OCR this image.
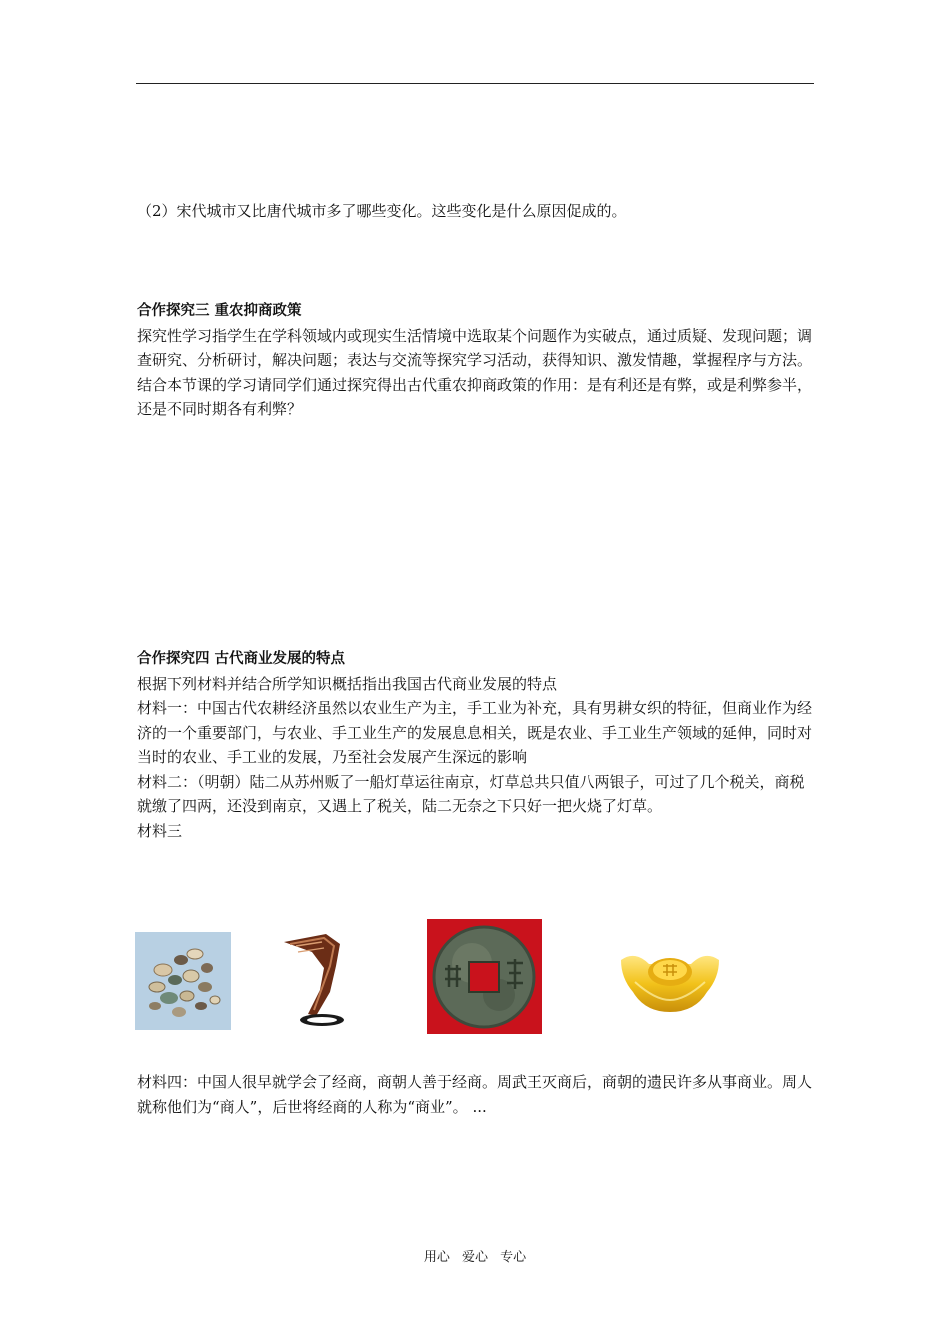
（2）宋代城市又比唐代城市多了哪些变化。这些变化是什么原因促成的。

合作探究三 重农抑商政策

探究性学习指学生在学科领域内或现实生活情境中选取某个问题作为实破点，通过质疑、发现问题；调查研究、分析研讨，解决问题；表达与交流等探究学习活动，获得知识、激发情趣，掌握程序与方法。

结合本节课的学习请同学们通过探究得出古代重农抑商政策的作用：是有利还是有弊，或是利弊参半，还是不同时期各有利弊？

合作探究四 古代商业发展的特点

根据下列材料并结合所学知识概括指出我国古代商业发展的特点

材料一：中国古代农耕经济虽然以农业生产为主，手工业为补充，具有男耕女织的特征，但商业作为经济的一个重要部门，与农业、手工业生产的发展息息相关，既是农业、手工业生产领域的延伸，同时对当时的农业、手工业的发展，乃至社会发展产生深远的影响

材料二：（明朝）陆二从苏州贩了一船灯草运往南京，灯草总共只值八两银子，可过了几个税关，商税就缴了四两，还没到南京，又遇上了税关，陆二无奈之下只好一把火烧了灯草。

材料三

材料四：中国人很早就学会了经商，商朝人善于经商。周武王灭商后，商朝的遗民许多从事商业。周人就称他们为“商人”，后世将经商的人称为“商业”。 ...

用心 爱心 专心
